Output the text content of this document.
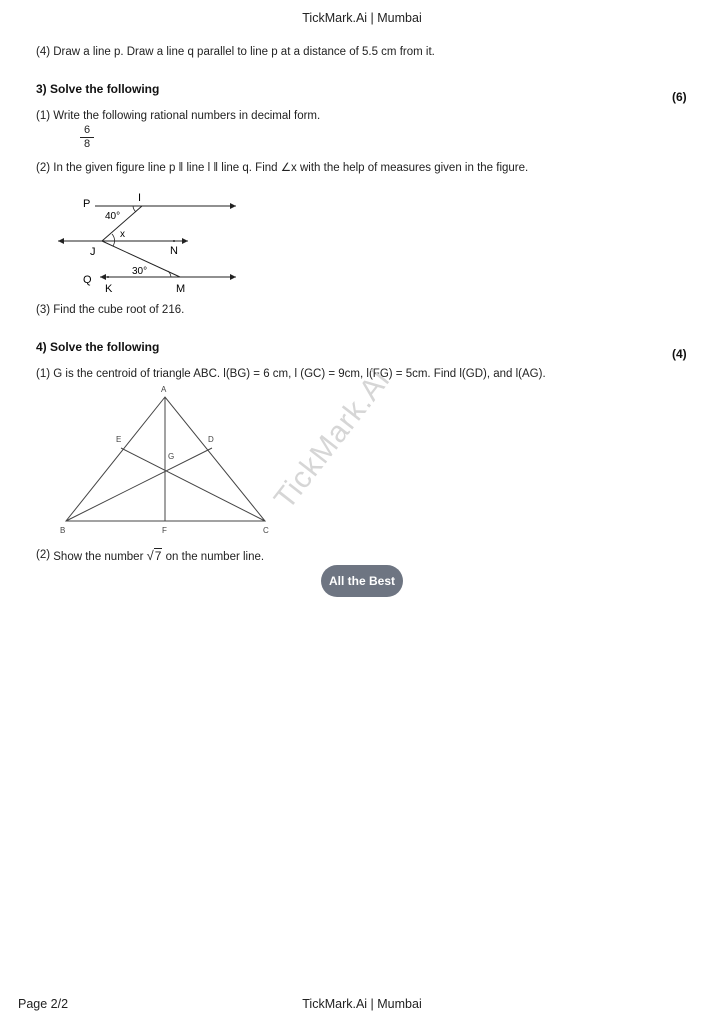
TickMark.Ai | Mumbai
(4) Draw a line p. Draw a line q parallel to line p at a distance of 5.5 cm from it.
3) Solve the following
(6)
(1) Write the following rational numbers in decimal form.
$\frac{6}{8}$
(2) In the given figure line p ‖ line l ‖ line q. Find ∠x with the help of measures given in the figure.
P	I
40°
x
J	N
30°
Q
K	M
(3) Find the cube root of 216.
4) Solve the following	(4)
(1) G is the centroid of triangle ABC. l(BG) = 6 cm, l (GC) = 9cm, l(FG) = 5cm. Find l(GD), and l(AG).
A
B	C
D
E
F
G
(2) Show the number √7 on the number line.
TickMark.Ai
All the Best
Page 2/2	TickMark.Ai | Mumbai
